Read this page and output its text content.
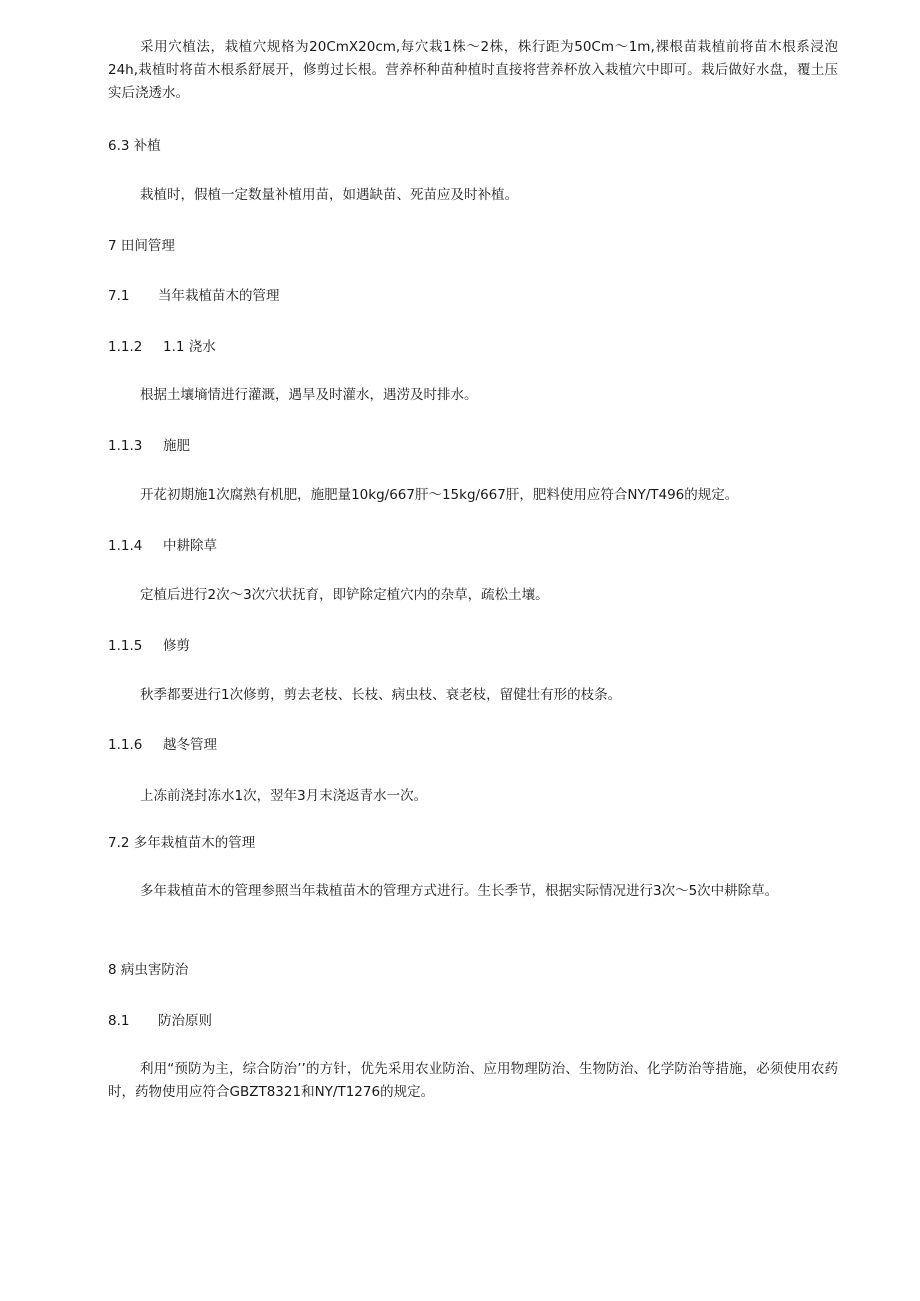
采用穴植法，栽植穴规格为20CmX20cm,每穴栽1株～2株，株行距为50Cm～1m,裸根苗栽植前将苗木根系浸泡24h,栽植时将苗木根系舒展开，修剪过长根。营养杯种苗种植时直接将营养杯放入栽植穴中即可。栽后做好水盘，覆土压实后浇透水。

6.3 补植

栽植时，假植一定数量补植用苗，如遇缺苗、死苗应及时补植。

7 田间管理

7.1 当年栽植苗木的管理

1.1.2 1.1 浇水

根据土壤墒情进行灌溉，遇旱及时灌水，遇涝及时排水。

1.1.3 施肥

开花初期施1次腐熟有机肥，施肥量10kg∕667肝～15kg∕667肝，肥料使用应符合NY/T496的规定。

1.1.4 中耕除草

定植后进行2次～3次穴状抚育，即铲除定植穴内的杂草，疏松土壤。

1.1.5 修剪

秋季都要进行1次修剪，剪去老枝、长枝、病虫枝、衰老枝，留健壮有形的枝条。

1.1.6 越冬管理

上冻前浇封冻水1次，翌年3月末浇返青水一次。

7.2 多年栽植苗木的管理

多年栽植苗木的管理参照当年栽植苗木的管理方式进行。生长季节，根据实际情况进行3次～5次中耕除草。

8 病虫害防治

8.1 防治原则

利用“预防为主，综合防治’’的方针，优先采用农业防治、应用物理防治、生物防治、化学防治等措施，必须使用农药时，药物使用应符合GBZT8321和NY/T1276的规定。
